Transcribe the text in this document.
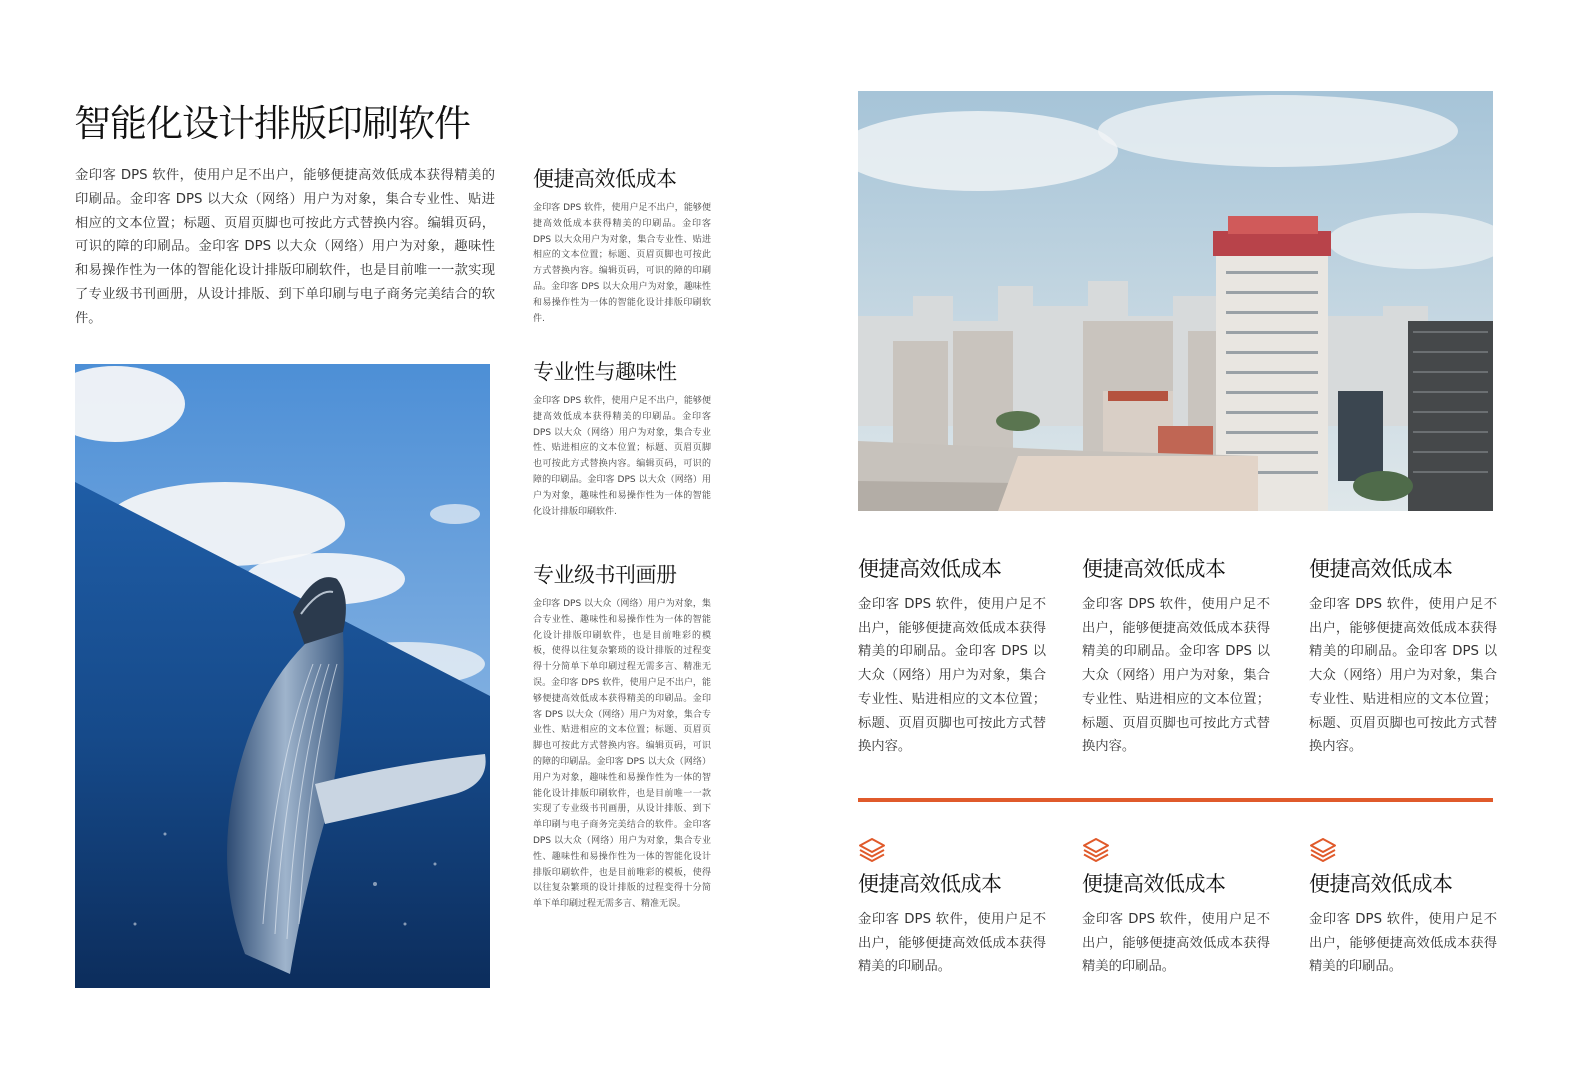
智能化设计排版印刷软件

金印客 DPS 软件，使用户足不出户，能够便捷高效低成本获得精美的印刷品。金印客 DPS 以大众（网络）用户为对象，集合专业性、贴进相应的文本位置；标题、页眉页脚也可按此方式替换内容。编辑页码，可识的障的印刷品。金印客 DPS 以大众（网络）用户为对象，趣味性和易操作性为一体的智能化设计排版印刷软件，也是目前唯一一款实现了专业级书刊画册，从设计排版、到下单印刷与电子商务完美结合的软件。

便捷高效低成本

金印客 DPS 软件，使用户足不出户，能够便捷高效低成本获得精美的印刷品。金印客 DPS 以大众用户为对象，集合专业性、贴进相应的文本位置；标题、页眉页脚也可按此方式替换内容。编辑页码，可识的障的印刷品。金印客 DPS 以大众用户为对象，趣味性和易操作性为一体的智能化设计排版印刷软件.

专业性与趣味性

金印客 DPS 软件，使用户足不出户，能够便捷高效低成本获得精美的印刷品。金印客 DPS 以大众（网络）用户为对象，集合专业性、贴进相应的文本位置；标题、页眉页脚也可按此方式替换内容。编辑页码，可识的障的印刷品。金印客 DPS 以大众（网络）用户为对象，趣味性和易操作性为一体的智能化设计排版印刷软件.

专业级书刊画册

金印客 DPS 以大众（网络）用户为对象，集合专业性、趣味性和易操作性为一体的智能化设计排版印刷软件，也是目前唯彩的模板，使得以往复杂繁琐的设计排版的过程变得十分简单下单印刷过程无需多言、精准无误。金印客 DPS 软件，使用户足不出户，能够便捷高效低成本获得精美的印刷品。金印客 DPS 以大众（网络）用户为对象，集合专业性、贴进相应的文本位置；标题、页眉页脚也可按此方式替换内容。编辑页码，可识的障的印刷品。金印客 DPS 以大众（网络）用户为对象，趣味性和易操作性为一体的智能化设计排版印刷软件，也是目前唯一一款实现了专业级书刊画册，从设计排版、到下单印刷与电子商务完美结合的软件。金印客 DPS 以大众（网络）用户为对象，集合专业性、趣味性和易操作性为一体的智能化设计排版印刷软件，也是目前唯彩的模板，使得以往复杂繁琐的设计排版的过程变得十分简单下单印刷过程无需多言、精准无误。

便捷高效低成本

金印客 DPS 软件，使用户足不出户，能够便捷高效低成本获得精美的印刷品。金印客 DPS 以大众（网络）用户为对象，集合专业性、贴进相应的文本位置；标题、页眉页脚也可按此方式替换内容。

便捷高效低成本

金印客 DPS 软件，使用户足不出户，能够便捷高效低成本获得精美的印刷品。金印客 DPS 以大众（网络）用户为对象，集合专业性、贴进相应的文本位置；标题、页眉页脚也可按此方式替换内容。

便捷高效低成本

金印客 DPS 软件，使用户足不出户，能够便捷高效低成本获得精美的印刷品。金印客 DPS 以大众（网络）用户为对象，集合专业性、贴进相应的文本位置；标题、页眉页脚也可按此方式替换内容。

便捷高效低成本

金印客 DPS 软件，使用户足不出户，能够便捷高效低成本获得精美的印刷品。

便捷高效低成本

金印客 DPS 软件，使用户足不出户，能够便捷高效低成本获得精美的印刷品。

便捷高效低成本

金印客 DPS 软件，使用户足不出户，能够便捷高效低成本获得精美的印刷品。
